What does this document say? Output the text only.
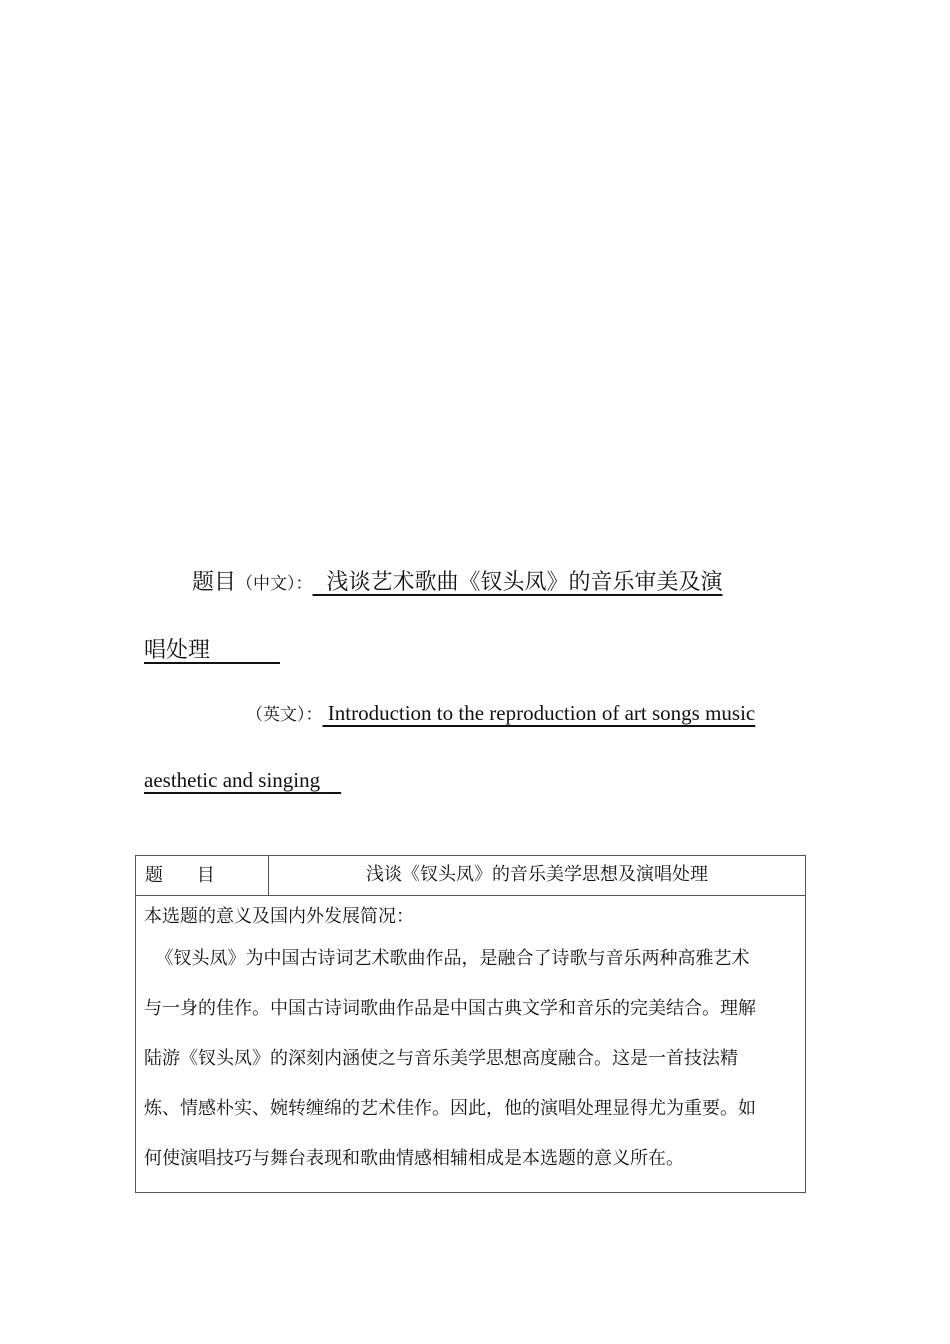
题目（中文）：  浅谈艺术歌曲《钗头凤》的音乐审美及演
唱处理
（英文）： Introduction to the reproduction of art songs music
aesthetic and singing
题 目	浅谈《钗头凤》的音乐美学思想及演唱处理

本选题的意义及国内外发展简况：

《钗头凤》为中国古诗词艺术歌曲作品，是融合了诗歌与音乐两种高雅艺术

与一身的佳作。中国古诗词歌曲作品是中国古典文学和音乐的完美结合。理解

陆游《钗头凤》的深刻内涵使之与音乐美学思想高度融合。这是一首技法精

炼、情感朴实、婉转缠绵的艺术佳作。因此，他的演唱处理显得尤为重要。如

何使演唱技巧与舞台表现和歌曲情感相辅相成是本选题的意义所在。
